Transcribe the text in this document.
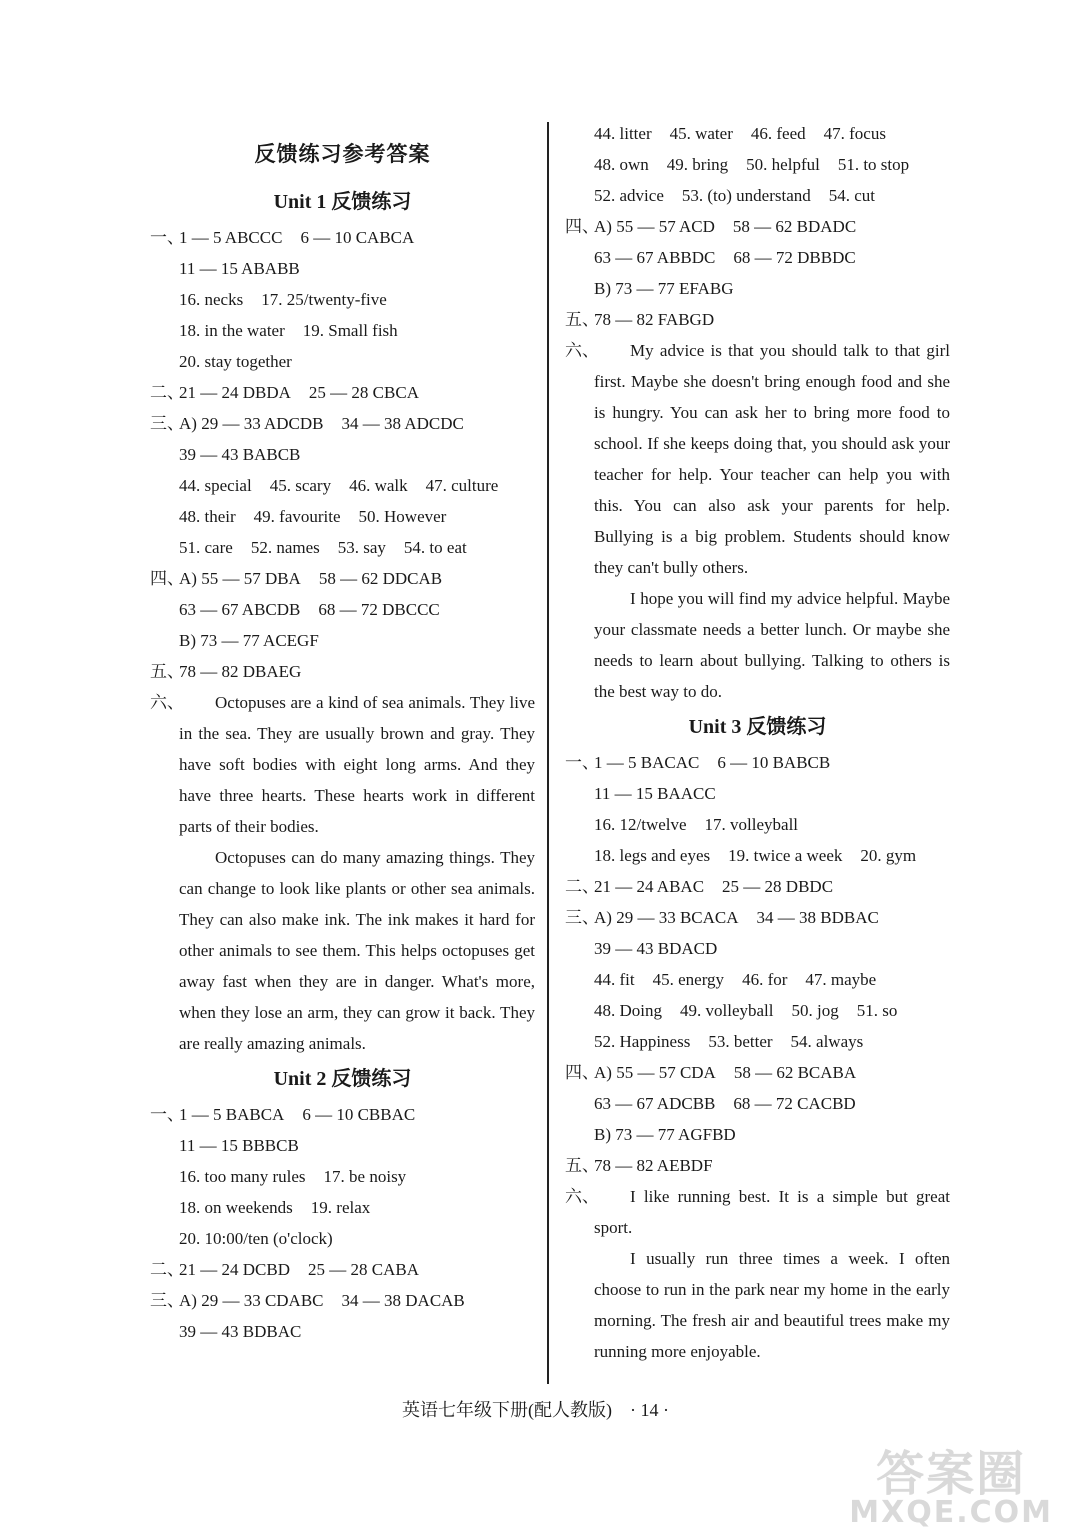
反馈练习参考答案
Unit 1 反馈练习
一、
1 — 5 ABCCC 6 — 10 CABCA
11 — 15 ABABB
16. necks 17. 25/twenty-five
18. in the water 19. Small fish
20. stay together
二、
21 — 24 DBDA 25 — 28 CBCA
三、
A) 29 — 33 ADCDB 34 — 38 ADCDC
39 — 43 BABCB
44. special 45. scary 46. walk 47. culture
48. their 49. favourite 50. However
51. care 52. names 53. say 54. to eat
四、
A) 55 — 57 DBA 58 — 62 DDCAB
63 — 67 ABCDB 68 — 72 DBCCC
B) 73 — 77 ACEGF
五、
78 — 82 DBAEG
六、	Octopuses are a kind of sea animals. They live in the sea. They are usually brown and gray. They have soft bodies with eight long arms. And they have three hearts. These hearts work in different parts of their bodies.

Octopuses can do many amazing things. They can change to look like plants or other sea animals. They can also make ink. The ink makes it hard for other animals to see them. This helps octopuses get away fast when they are in danger. What's more, when they lose an arm, they can grow it back. They are really amazing animals.

Unit 2 反馈练习
一、
1 — 5 BABCA 6 — 10 CBBAC
11 — 15 BBBCB
16. too many rules 17. be noisy
18. on weekends 19. relax
20. 10:00/ten (o'clock)
二、
21 — 24 DCBD 25 — 28 CABA
三、
A) 29 — 33 CDABC 34 — 38 DACAB
39 — 43 BDBAC
44. litter 45. water 46. feed 47. focus
48. own 49. bring 50. helpful 51. to stop
52. advice 53. (to) understand 54. cut
四、
A) 55 — 57 ACD 58 — 62 BDADC
63 — 67 ABBDC 68 — 72 DBBDC
B) 73 — 77 EFABG
五、
78 — 82 FABGD
六、	My advice is that you should talk to that girl first. Maybe she doesn't bring enough food and she is hungry. You can ask her to bring more food to school. If she keeps doing that, you should ask your teacher for help. Your teacher can help you with this. You can also ask your parents for help. Bullying is a big problem. Students should know they can't bully others.

I hope you will find my advice helpful. Maybe your classmate needs a better lunch. Or maybe she needs to learn about bullying. Talking to others is the best way to do.

Unit 3 反馈练习
一、
1 — 5 BACAC 6 — 10 BABCB
11 — 15 BAACC
16. 12/twelve 17. volleyball
18. legs and eyes 19. twice a week 20. gym
二、
21 — 24 ABAC 25 — 28 DBDC
三、
A) 29 — 33 BCACA 34 — 38 BDBAC
39 — 43 BDACD
44. fit 45. energy 46. for 47. maybe
48. Doing 49. volleyball 50. jog 51. so
52. Happiness 53. better 54. always
四、
A) 55 — 57 CDA 58 — 62 BCABA
63 — 67 ADCBB 68 — 72 CACBD
B) 73 — 77 AGFBD
五、
78 — 82 AEBDF
六、	I like running best. It is a simple but great sport.

I usually run three times a week. I often choose to run in the park near my home in the early morning. The fresh air and beautiful trees make my running more enjoyable.

英语七年级下册(配人教版) · 14 ·
答案圈
MXQE.COM
